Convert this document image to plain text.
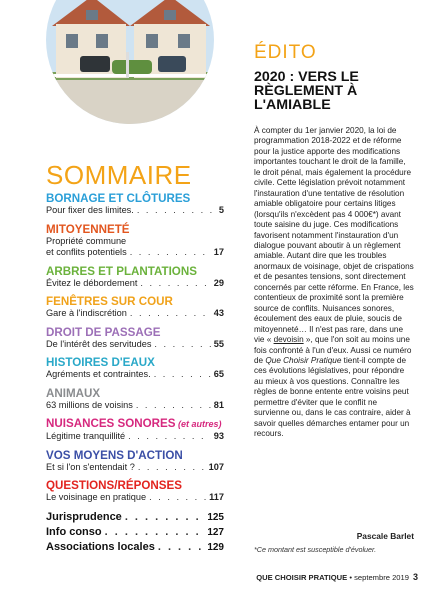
SOMMAIRE
BORNAGE ET CLÔTURES
Pour fixer des limites. . . .	5
MITOYENNETÉ
Propriété commune
et conflits potentiels . . .	17
ARBRES ET PLANTATIONS
Évitez le débordement . . .	29
FENÊTRES SUR COUR
Gare à l'indiscrétion . . .	43
DROIT DE PASSAGE
De l'intérêt des servitudes . . .	55
HISTOIRES D'EAUX
Agréments et contraintes. . . .	65
ANIMAUX
63 millions de voisins . . .	81
NUISANCES SONORES (et autres)
Légitime tranquillité . . .	93
VOS MOYENS D'ACTION
Et si l'on s'entendait ? . . .	107
QUESTIONS/RÉPONSES
Le voisinage en pratique . . .	117
Jurisprudence . . .	125
Info conso . . .	127
Associations locales . . .	129
ÉDITO
2020 : VERS LE RÈGLEMENT À L'AMIABLE

À compter du 1er janvier 2020, la loi de programmation 2018-2022 et de réforme pour la justice apporte des modifications importantes touchant le droit de la famille, le droit pénal, mais également la procédure civile. Cette législation prévoit notamment l'instauration d'une tentative de résolution amiable obligatoire pour certains litiges (lorsqu'ils n'excèdent pas 4 000€*) avant toute saisine du juge. Ces modifications favorisent notamment l'instauration d'un dialogue pouvant aboutir à un règlement amiable. Autant dire que les troubles anormaux de voisinage, objet de crispations et de pesantes tensions, sont directement concernés par cette réforme. En France, les contentieux de proximité sont la première source de conflits. Nuisances sonores, écoulement des eaux de pluie, soucis de mitoyenneté… Il n'est pas rare, dans une vie « devoisin », que l'on soit au moins une fois confronté à l'un d'eux. Aussi ce numéro de Que Choisir Pratique tient-il compte de ces évolutions législatives, pour répondre au mieux à vos questions. Connaître les règles de bonne entente entre voisins peut permettre d'éviter que le conflit ne survienne ou, dans le cas contraire, aider à savoir quelles démarches entamer pour un recours.

Pascale Barlet
*Ce montant est susceptible d'évoluer.
QUE CHOISIR PRATIQUE • septembre 2019 3
